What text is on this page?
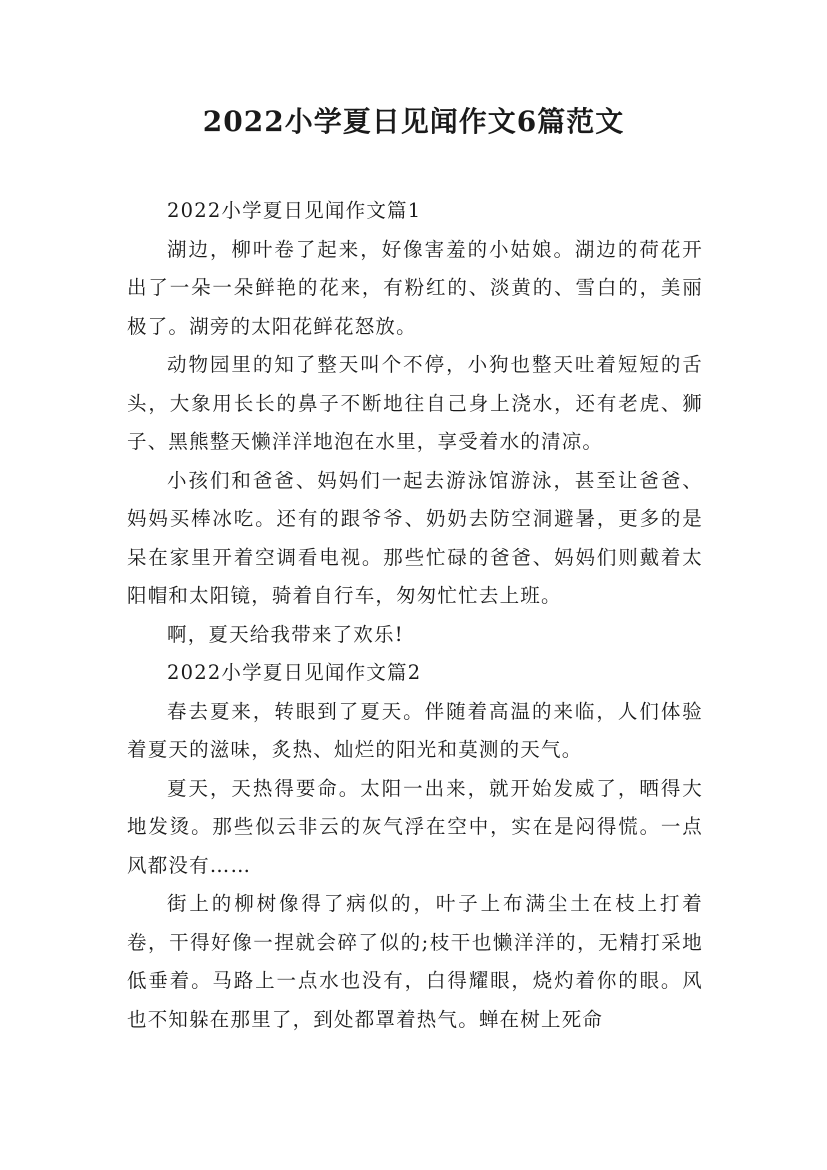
2022小学夏日见闻作文6篇范文

2022小学夏日见闻作文篇1

湖边，柳叶卷了起来，好像害羞的小姑娘。湖边的荷花开出了一朵一朵鲜艳的花来，有粉红的、淡黄的、雪白的，美丽极了。湖旁的太阳花鲜花怒放。

动物园里的知了整天叫个不停，小狗也整天吐着短短的舌头，大象用长长的鼻子不断地往自己身上浇水，还有老虎、狮子、黑熊整天懒洋洋地泡在水里，享受着水的清凉。

小孩们和爸爸、妈妈们一起去游泳馆游泳，甚至让爸爸、妈妈买棒冰吃。还有的跟爷爷、奶奶去防空洞避暑，更多的是呆在家里开着空调看电视。那些忙碌的爸爸、妈妈们则戴着太阳帽和太阳镜，骑着自行车，匆匆忙忙去上班。

啊，夏天给我带来了欢乐!

2022小学夏日见闻作文篇2

春去夏来，转眼到了夏天。伴随着高温的来临，人们体验着夏天的滋味，炙热、灿烂的阳光和莫测的天气。

夏天，天热得要命。太阳一出来，就开始发威了，晒得大地发烫。那些似云非云的灰气浮在空中，实在是闷得慌。一点风都没有……

街上的柳树像得了病似的，叶子上布满尘土在枝上打着卷，干得好像一捏就会碎了似的;枝干也懒洋洋的，无精打采地低垂着。马路上一点水也没有，白得耀眼，烧灼着你的眼。风也不知躲在那里了，到处都罩着热气。蝉在树上死命
